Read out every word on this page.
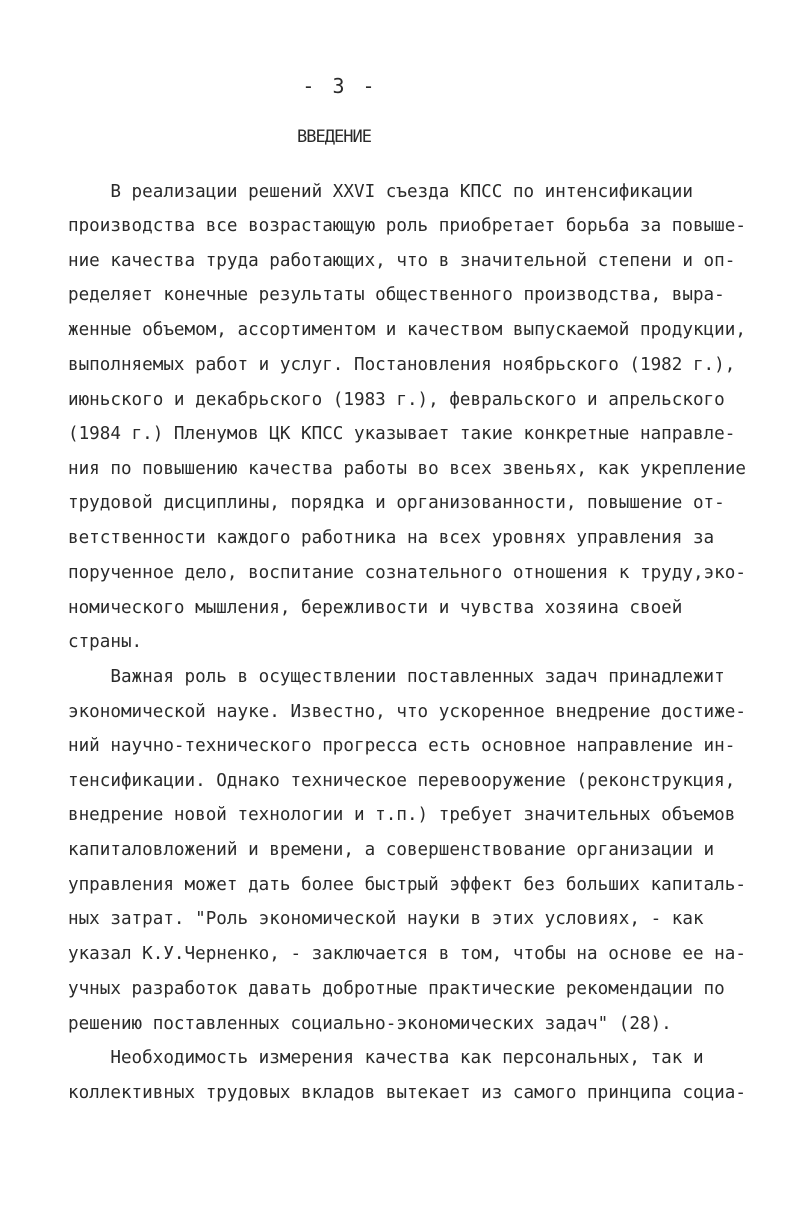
- 3 -
ВВЕДЕНИЕ
В реализации решений XXVI съезда КПСС по интенсификации
производства все возрастающую роль приобретает борьба за повыше-
ние качества труда работающих, что в значительной степени и оп-
ределяет конечные результаты общественного производства, выра-
женные объемом, ассортиментом и качеством выпускаемой продукции,
выполняемых работ и услуг. Постановления ноябрьского (1982 г.),
июньского и декабрьского (1983 г.), февральского и апрельского
(1984 г.) Пленумов ЦК КПСС указывает такие конкретные направле-
ния по повышению качества работы во всех звеньях, как укрепление
трудовой дисциплины, порядка и организованности, повышение от-
ветственности каждого работника на всех уровнях управления за
порученное дело, воспитание сознательного отношения к труду,эко-
номического мышления, бережливости и чувства хозяина своей
страны.
Важная роль в осуществлении поставленных задач принадлежит
экономической науке. Известно, что ускоренное внедрение достиже-
ний научно-технического прогресса есть основное направление ин-
тенсификации. Однако техническое перевооружение (реконструкция,
внедрение новой технологии и т.п.) требует значительных объемов
капиталовложений и времени, а совершенствование организации и
управления может дать более быстрый эффект без больших капиталь-
ных затрат. "Роль экономической науки в этих условиях, - как
указал К.У.Черненко, - заключается в том, чтобы на основе ее на-
учных разработок давать добротные практические рекомендации по
решению поставленных социально-экономических задач" (28).
Необходимость измерения качества как персональных, так и
коллективных трудовых вкладов вытекает из самого принципа социа-
